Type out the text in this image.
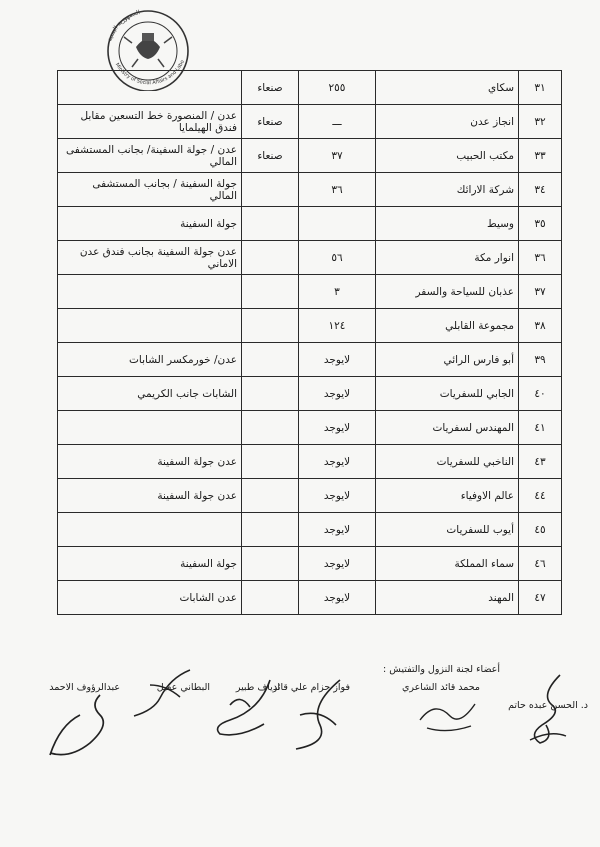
الجمهورية اليمنية
Ministry of Social Affairs and Labo
٣١	سكاي	٢٥٥	صنعاء	
٣٢	انجاز عدن	ـــ	صنعاء	عدن / المنصورة خط التسعين مقابل فندق الهيلمايا
٣٣	مكتب الحبيب	٣٧	صنعاء	عدن / جولة السفينة/ بجانب المستشفى المالي
٣٤	شركة الارائك	٣٦		جولة السفينة / بجانب المستشفى المالي
٣٥	وسيط			جولة السفينة
٣٦	انوار مكة	٥٦		عدن جولة السفينة بجانب فندق عدن الاماني
٣٧	عذبان للسياحة والسفر	٣		
٣٨	مجموعة القابلي	١٢٤		
٣٩	أبو فارس الرائي	لايوجد		عدن/ خورمكسر الشابات
٤٠	الجابي للسفريات	لايوجد		الشابات جانب الكريمي
٤١	المهندس لسفريات	لايوجد		
٤٣	الناخبي للسفريات	لايوجد		عدن جولة السفينة
٤٤	عالم الاوفياء	لايوجد		عدن جولة السفينة
٤٥	أيوب للسفريات	لايوجد		
٤٦	سماء المملكة	لايوجد		جولة السفينة
٤٧	المهند	لايوجد		عدن الشابات
أعضاء لجنة النزول والتفتيش :
د. الحسن عبده حاتم
محمد قائد الشاعري
فواز حزام علي قائد
ارياف طبير
البطاني عقيل
عبدالرؤوف الاحمد
